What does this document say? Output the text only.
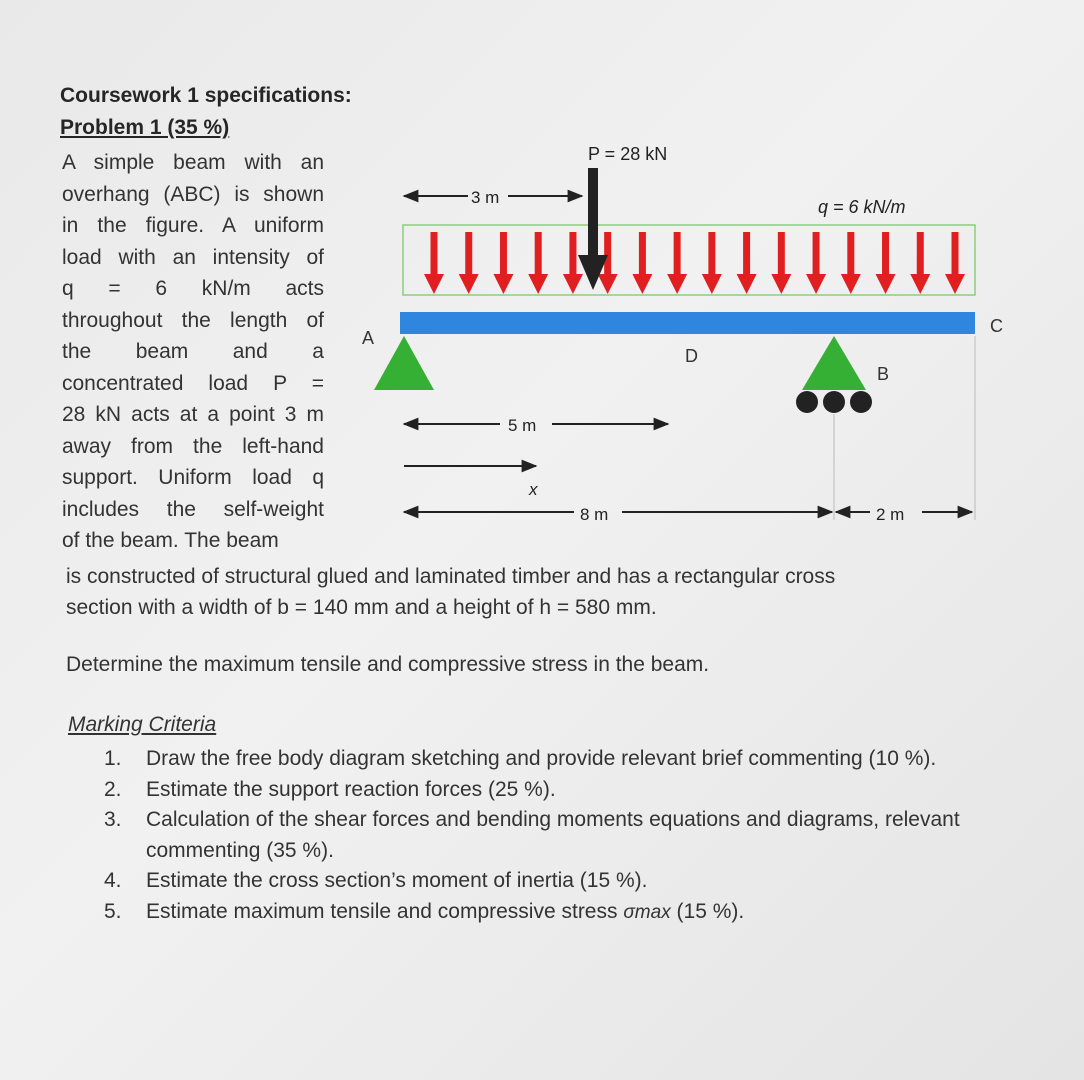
Coursework 1 specifications:
Problem 1 (35 %)
A simple beam with an
overhang (ABC) is shown
in the figure. A uniform
load with an intensity of
q = 6 kN/m acts
throughout the length of
the beam and a
concentrated load P =
28 kN acts at a point 3 m
away from the left-hand
support. Uniform load q
includes the self-weight
of the beam. The beam
is constructed of structural glued and laminated timber and has a rectangular cross
section with a width of b = 140 mm and a height of h = 580 mm.
Determine the maximum tensile and compressive stress in the beam.
Marking Criteria
1. Draw the free body diagram sketching and provide relevant brief commenting (10 %).
2. Estimate the support reaction forces (25 %).
3. Calculation of the shear forces and bending moments equations and diagrams, relevant commenting (35 %).
4. Estimate the cross section’s moment of inertia (15 %).
5. Estimate maximum tensile and compressive stress σmax (15 %).
P = 28 kN
3 m	q = 6 kN/m
A
C
D
B
5 m
x
8 m	2 m
